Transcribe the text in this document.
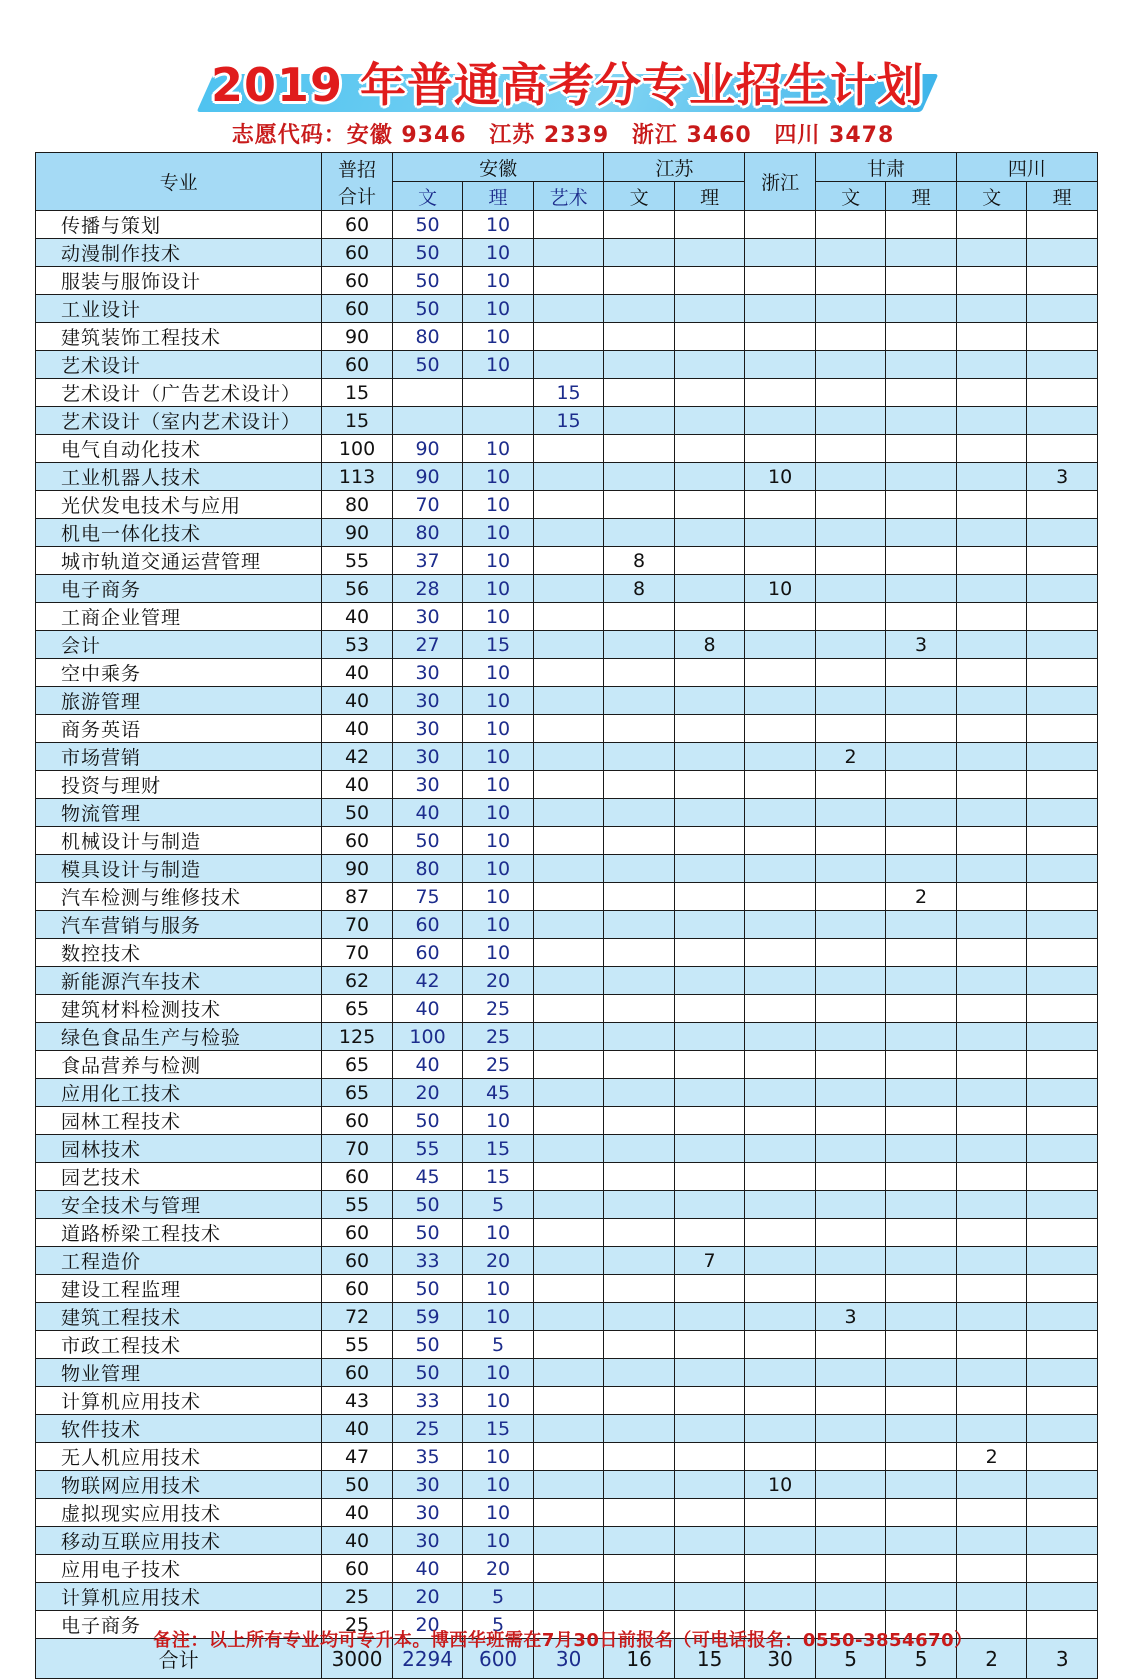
2019 年普通高考分专业招生计划
志愿代码：安徽 9346 江苏 2339 浙江 3460 四川 3478
专业	普招
合计	安徽			江苏		浙江	甘肃		四川	
		文	理	艺术	文	理		文	理	文	理
传播与策划	60	50	10								
动漫制作技术	60	50	10								
服装与服饰设计	60	50	10								
工业设计	60	50	10								
建筑装饰工程技术	90	80	10								
艺术设计	60	50	10								
艺术设计（广告艺术设计）	15			15							
艺术设计（室内艺术设计）	15			15							
电气自动化技术	100	90	10								
工业机器人技术	113	90	10				10				3
光伏发电技术与应用	80	70	10								
机电一体化技术	90	80	10								
城市轨道交通运营管理	55	37	10		8						
电子商务	56	28	10		8		10				
工商企业管理	40	30	10								
会计	53	27	15			8			3		
空中乘务	40	30	10								
旅游管理	40	30	10								
商务英语	40	30	10								
市场营销	42	30	10					2			
投资与理财	40	30	10								
物流管理	50	40	10								
机械设计与制造	60	50	10								
模具设计与制造	90	80	10								
汽车检测与维修技术	87	75	10						2		
汽车营销与服务	70	60	10								
数控技术	70	60	10								
新能源汽车技术	62	42	20								
建筑材料检测技术	65	40	25								
绿色食品生产与检验	125	100	25								
食品营养与检测	65	40	25								
应用化工技术	65	20	45								
园林工程技术	60	50	10								
园林技术	70	55	15								
园艺技术	60	45	15								
安全技术与管理	55	50	5								
道路桥梁工程技术	60	50	10								
工程造价	60	33	20			7					
建设工程监理	60	50	10								
建筑工程技术	72	59	10					3			
市政工程技术	55	50	5								
物业管理	60	50	10								
计算机应用技术	43	33	10								
软件技术	40	25	15								
无人机应用技术	47	35	10							2	
物联网应用技术	50	30	10				10				
虚拟现实应用技术	40	30	10								
移动互联应用技术	40	30	10								
应用电子技术	60	40	20								
计算机应用技术	25	20	5								
电子商务	25	20	5								
合计	3000	2294	600	30	16	15	30	5	5	2	3
备注：以上所有专业均可专升本。博西华班需在7月30日前报名（可电话报名：0550-3854670）
